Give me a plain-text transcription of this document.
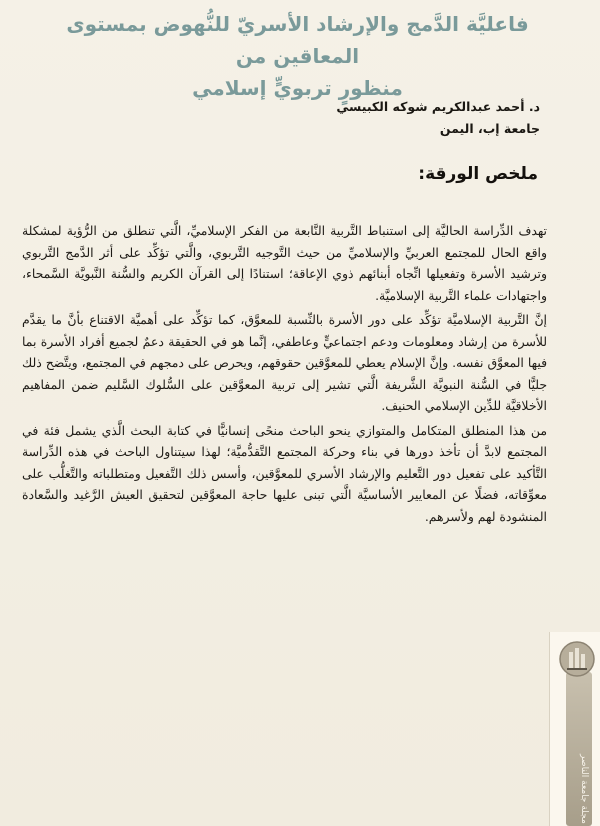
فاعليَّة الدَّمج والإرشاد الأسريّ للنُّهوض بمستوى المعاقين من
منظورٍ تربويٍّ إسلامي
د. أحمد عبدالكريم شوكه الكبيسي
جامعة إب، اليمن
ملخص الورقة:

تهدف الدِّراسة الحاليَّة إلى استنباط التَّربية النَّابعة من الفكر الإسلاميِّ، الَّتي تنطلق من الرُّؤية لمشكلة واقع الحال للمجتمع العربيِّ والإسلاميِّ من حيث التَّوجيه التَّربوي، والَّتي تؤكِّد على أثر الدَّمج التَّربوي وترشيد الأسرة وتفعيلها اتِّجاه أبنائهم ذوي الإعاقة؛ استنادًا إلى القرآن الكريم والسُّنة النَّبويَّة السَّمحاء، واجتهادات علماء التَّربية الإسلاميَّة.

إنَّ التَّربية الإسلاميَّة تؤكِّد على دور الأسرة بالنِّسبة للمعوَّق، كما تؤكِّد على أهميَّة الاقتناع بأنَّ ما يقدَّم للأسرة من إرشاد ومعلومات ودعم اجتماعيٍّ وعاطفي، إنَّما هو في الحقيقة دعمٌ لجميع أفراد الأسرة بما فيها المعوَّق نفسه. وإنَّ الإسلام يعطي للمعوَّقين حقوقهم، ويحرص على دمجهم في المجتمع، ويتَّضح ذلك جليًّا في السُّنة النبويَّة الشَّريفة الَّتي تشير إلى تربية المعوَّقين على السُّلوك السَّليم ضمن المفاهيم الأخلاقيَّة للدِّين الإسلامي الحنيف.

من هذا المنطلق المتكامل والمتوازي ينحو الباحث منحًى إنسانيًّا في كتابة البحث الَّذي يشمل فئة في المجتمع لابدَّ أن تأخذ دورها في بناء وحركة المجتمع التَّقدُّميَّة؛ لهذا سيتناول الباحث في هذه الدِّراسة التَّأكيد على تفعيل دور التَّعليم والإرشاد الأسري للمعوَّقين، وأسس ذلك التَّفعيل ومتطلباته والتَّغلُّب على معوِّقاته، فضلًا عن المعايير الأساسيَّة الَّتي تبنى عليها حاجة المعوَّقين لتحقيق العيش الرَّغيد والسَّعادة المنشودة لهم ولأسرهم.

مجلة جامعة الناصر
